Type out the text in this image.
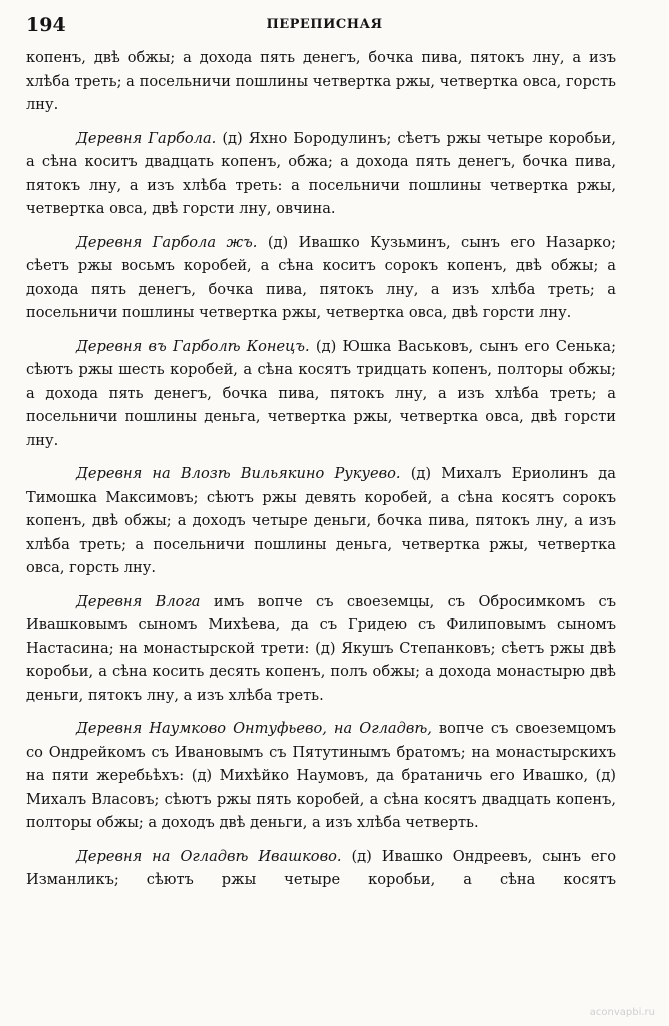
194	ПЕРЕПИСНАЯ

копенъ, двѣ обжы; а дохода пять денегъ, бочка пива, пятокъ лну, а изъ хлѣба треть; а посельничи пошлины четвертка ржы, четвертка овса, горсть лну.

Деревня Гарбола. (д) Яхно Бородулинъ; сѣетъ ржы четыре коробьи, а сѣна коситъ двадцать копенъ, обжа; а дохода пять денегъ, бочка пива, пятокъ лну, а изъ хлѣба треть: а посельничи пошлины четвертка ржы, четвертка овса, двѣ горсти лну, овчина.

Деревня Гарбола жъ. (д) Ивашко Кузьминъ, сынъ его Назарко; сѣетъ ржы восьмъ коробей, а сѣна коситъ сорокъ копенъ, двѣ обжы; а дохода пять денегъ, бочка пива, пятокъ лну, а изъ хлѣба треть; а посельничи пошлины четвертка ржы, четвертка овса, двѣ горсти лну.

Деревня въ Гарболѣ Конецъ. (д) Юшка Васьковъ, сынъ его Сенька; сѣютъ ржы шесть коробей, а сѣна косятъ тридцать копенъ, полторы обжы; а дохода пять денегъ, бочка пива, пятокъ лну, а изъ хлѣба треть; а посельничи пошлины деньга, четвертка ржы, четвертка овса, двѣ горсти лну.

Деревня на Влозѣ Вильякино Рукуево. (д) Михалъ Ериолинъ да Тимошка Максимовъ; сѣютъ ржы девять коробей, а сѣна косятъ сорокъ копенъ, двѣ обжы; а доходъ четыре деньги, бочка пива, пятокъ лну, а изъ хлѣба треть; а посельничи пошлины деньга, четвертка ржы, четвертка овса, горсть лну.

Деревня Влога имъ вопче съ своеземцы, съ Обросимкомъ съ Ивашковымъ сыномъ Михѣева, да съ Гридею съ Филиповымъ сыномъ Настасина; на монастырской трети: (д) Якушъ Степанковъ; сѣетъ ржы двѣ коробьи, а сѣна косить десять копенъ, полъ обжы; а дохода монастырю двѣ деньги, пятокъ лну, а изъ хлѣба треть.

Деревня Наумково Онтуфьево, на Огладвѣ, вопче съ своеземцомъ со Ондрейкомъ съ Ивановымъ съ Пятутинымъ братомъ; на монастырскихъ на пяти жеребьѣхъ: (д) Михѣйко Наумовъ, да братаничь его Ивашко, (д) Михалъ Власовъ; сѣютъ ржы пять коробей, а сѣна косятъ двадцать копенъ, полторы обжы; а доходъ двѣ деньги, а изъ хлѣба четверть.

Деревня на Огладвѣ Ивашково. (д) Ивашко Ондреевъ, сынъ его Изманликъ; сѣютъ ржы четыре коробьи, а сѣна косятъ

aconvapbi.ru
